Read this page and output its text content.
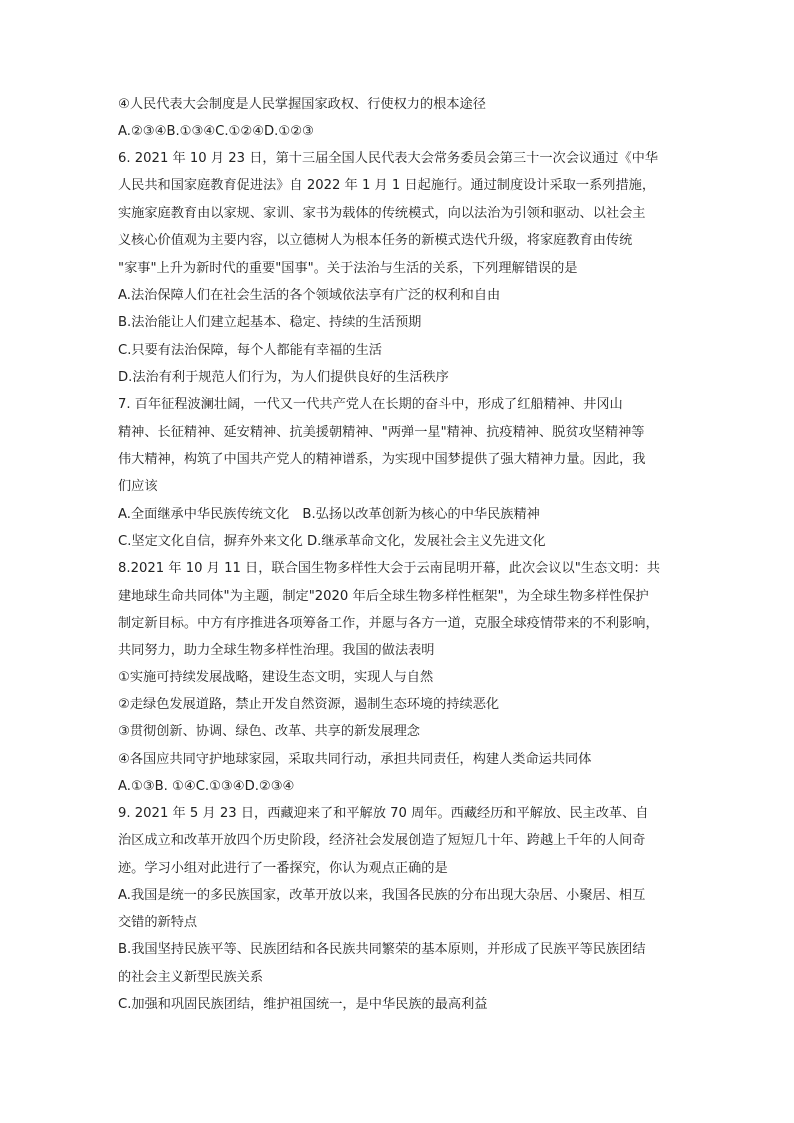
④人民代表大会制度是人民掌握国家政权、行使权力的根本途径
A.②③④B.①③④C.①②④D.①②③
6. 2021 年 10 月 23 日，第十三届全国人民代表大会常务委员会第三十一次会议通过《中华
人民共和国家庭教育促进法》自 2022 年 1 月 1 日起施行。通过制度设计采取一系列措施，
实施家庭教育由以家规、家训、家书为载体的传统模式，向以法治为引领和驱动、以社会主
义核心价值观为主要内容，以立德树人为根本任务的新模式迭代升级，将家庭教育由传统
"家事"上升为新时代的重要"国事"。关于法治与生活的关系，下列理解错误的是
A.法治保障人们在社会生活的各个领域依法享有广泛的权利和自由
B.法治能让人们建立起基本、稳定、持续的生活预期
C.只要有法治保障，每个人都能有幸福的生活
D.法治有利于规范人们行为，为人们提供良好的生活秩序
7. 百年征程波澜壮阔，一代又一代共产党人在长期的奋斗中，形成了红船精神、井冈山
精神、长征精神、延安精神、抗美援朝精神、"两弹一星"精神、抗疫精神、脱贫攻坚精神等
伟大精神，构筑了中国共产党人的精神谱系，为实现中国梦提供了强大精神力量。因此，我
们应该
A.全面继承中华民族传统文化　B.弘扬以改革创新为核心的中华民族精神
C.坚定文化自信，摒弃外来文化 D.继承革命文化，发展社会主义先进文化
8.2021 年 10 月 11 日，联合国生物多样性大会于云南昆明开幕，此次会议以"生态文明：共
建地球生命共同体"为主题，制定"2020 年后全球生物多样性框架"，为全球生物多样性保护
制定新目标。中方有序推进各项筹备工作，并愿与各方一道，克服全球疫情带来的不利影响，
共同努力，助力全球生物多样性治理。我国的做法表明
①实施可持续发展战略，建设生态文明，实现人与自然
②走绿色发展道路，禁止开发自然资源，遏制生态环境的持续恶化
③贯彻创新、协调、绿色、改革、共享的新发展理念
④各国应共同守护地球家园，采取共同行动，承担共同责任，构建人类命运共同体
A.①③B. ①④C.①③④D.②③④
9. 2021 年 5 月 23 日，西藏迎来了和平解放 70 周年。西藏经历和平解放、民主改革、自
治区成立和改革开放四个历史阶段，经济社会发展创造了短短几十年、跨越上千年的人间奇
迹。学习小组对此进行了一番探究，你认为观点正确的是
A.我国是统一的多民族国家，改革开放以来，我国各民族的分布出现大杂居、小聚居、相互
交错的新特点
B.我国坚持民族平等、民族团结和各民族共同繁荣的基本原则，并形成了民族平等民族团结
的社会主义新型民族关系
C.加强和巩固民族团结，维护祖国统一，是中华民族的最高利益
